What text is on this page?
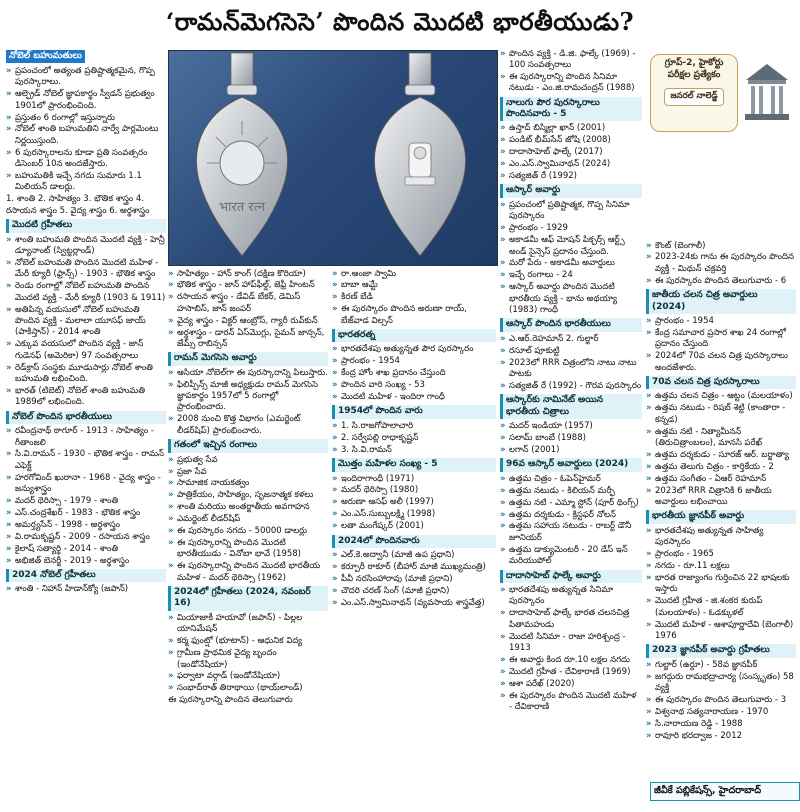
‘రామన్‌మెగసెసె’ పొందిన మొదటి భారతీయుడు?
నోబెల్ బహుమతులు
» ప్రపంచంలో అత్యంత ప్రతిష్టాత్మకమైన, గొప్ప పురస్కారాలు.
» ఆల్ఫ్రెడ్ నోబెల్ జ్ఞాపకార్థం స్వీడన్ ప్రభుత్వం 1901లో ప్రారంభించింది.
» ప్రస్తుతం 6 రంగాల్లో ఇస్తున్నారు
» నోబెల్ శాంతి బహుమతిని నార్వే పార్లమెంటు నిర్ణయిస్తుంది.
» 6 పురస్కారాలను కూడా ప్రతి సంవత్సరం డిసెంబర్ 10న అందజేస్తారు.
» బహుమతికి ఇచ్చే నగదు సుమారు 1.1 మిలియన్ డాలర్లు.
1. శాంతి 2. సాహిత్యం 3. భౌతిక శాస్త్రం 4. రసాయన శాస్త్రం 5. వైద్య శాస్త్రం 6. అర్థశాస్త్రం
మొదటి గ్రహీతలు
» శాంతి బహుమతి పొందిన మొదటి వ్యక్తి - హెన్రీ డ్యూనాంట్ (స్విట్జర్లాండ్)
» నోబెల్ బహుమతి పొందిన మొదటి మహిళ - మేరీ క్యూరీ (ఫ్రాన్స్‌) - 1903 - భౌతిక శాస్త్రం
» రెండు రంగాల్లో నోబెల్ బహుమతి పొందిన మొదటి వ్యక్తి - మేరీ క్యూరీ (1903 & 1911)
» అతిపిన్న వయసులో నోబెల్ బహుమతి పొందిన వ్యక్తి - మలాలా యూసఫ్ జాయ్ (పాకిస్తాన్) - 2014 శాంతి
» ఎక్కువ వయసులో పొందిన వ్యక్తి - జాన్ గుడెనఫ్ (అమెరికా) 97 సంవత్సరాలు
» రెడ్‌క్రాస్ సంస్థకు మూడుసార్లు నోబెల్ శాంతి బహుమతి లభించింది.
» భారత్ (టిబెట్) నోబెల్ శాంతి బహుమతి 1989లో లభించింది.
నోబెల్ పొందిన భారతీయులు
» రవీంద్రనాథ్ ఠాగూర్ - 1913 - సాహిత్యం - గీతాంజలి
» సి.వి.రామన్ - 1930 - భౌతిక శాస్త్రం - రామన్ ఎఫెక్ట్
» హరగోవింద్ ఖురానా - 1968 - వైద్య శాస్త్రం - జన్యుశాస్త్రం
» మదర్ థెరిస్సా - 1979 - శాంతి
» ఎస్.చంద్రశేఖర్ - 1983 - భౌతిక శాస్త్రం
» అమర్త్యసేన్ - 1998 - అర్థశాస్త్రం
» వి.రామకృష్ణన్ - 2009 - రసాయన శాస్త్రం
» కైలాష్ సత్యార్థి - 2014 - శాంతి
» అభిజిత్ బెనర్జీ - 2019 - అర్థశాస్త్రం
2024 నోబెల్ గ్రహీతలు
» శాంతి - నిహాన్ హిడాన్‌క్యో (జపాన్)
भारत रत्न
గ్రూప్‌-2, హైకోర్టు పరీక్షల ప్రత్యేకం
జనరల్ నాలెడ్జ్
» సాహిత్యం - హాన్ కాంగ్ (దక్షిణ కొరియా)
» భౌతిక శాస్త్రం - జాన్ హాప్‌ఫీల్డ్, జెఫ్రీ హింటన్
» రసాయన శాస్త్రం - డేవిడ్ బేకర్, డెమిస్ హసాబిస్, జాన్ జంపర్
» వైద్య శాస్త్రం - విక్టర్ ఆంబ్రోస్, గ్యారీ రువ్‌కున్
» అర్థశాస్త్రం - డారన్ ఏస్‌మొగ్లు, సైమన్ జాన్సన్, జేమ్స్ రాబిన్సన్
రామన్ మెగసెసె అవార్డు
» ఆసియా నోబెల్‌గా ఈ పురస్కారాన్ని పిలుస్తారు.
» ఫిలిప్పీన్స్ మాజీ అధ్యక్షుడు రామన్ మెగసెసె జ్ఞాపకార్థం 1957లో 5 రంగాల్లో ప్రారంభించారు.
» 2008 నుంచి కొత్త విభాగం (ఎమర్జెంట్ లీడర్‌షిప్) ప్రారంభించారు.
గతంలో ఇచ్చిన రంగాలు
» ప్రభుత్వ సేవ
» ప్రజా సేవ
» సామాజిక నాయకత్వం
» పాత్రికేయం, సాహిత్యం, సృజనాత్మక కళలు
» శాంతి మరియు అంతర్జాతీయ అవగాహన
» ఎమర్జెంట్ లీడర్‌షిప్
» ఈ పురస్కారం నగదు - 50000 డాలర్లు
» ఈ పురస్కారాన్ని పొందిన మొదటి భారతీయుడు - వినోబా భావే (1958)
» ఈ పురస్కారాన్ని పొందిన మొదటి భారతీయ మహిళ - మదర్ థెరిస్సా (1962)
2024లో గ్రహీతలు (2024, నవంబర్ 16)
» మియాజాకీ హయావో (జపాన్) - పిల్లల యానిమేషన్
» కర్మ ఫుంట్షో (భూటాన్) - ఆధునిక విద్య
» గ్రామీణ ప్రాథమిక వైద్య బృందం (ఇండోనేషియా)
» ఫర్వాటా వర్గాడ్ (ఇండోనేషియా)
» సంభాద్‌రాత్ తిరాథాయి (థాయ్‌లాండ్)
ఈ పురస్కారాన్ని పొందిన తెలుగువారు
» రా.ఆంజా స్వామి
» బాబా ఆమ్టే
» కిరణ్ బేడి
» ఈ పురస్కారం పొందిన అరుణా రాయ్, బేజ్‌వాడ విల్సన్
భారతరత్న
» భారతదేశపు అత్యున్నత పౌర పురస్కారం
» ప్రారంభం - 1954
» కేంద్ర హోం శాఖ ప్రదానం చేస్తుంది
» పొందిన వారి సంఖ్య - 53
» మొదటి మహిళ - ఇందిరా గాంధీ
1954లో పొందిన వారు
» 1. సి.రాజగోపాలాచారి
» 2. సర్వేపల్లి రాధాకృష్ణన్
» 3. సి.వి.రామన్
మొత్తం మహిళల సంఖ్య - 5
» ఇందిరాగాంధీ (1971)
» మదర్ థెరిస్సా (1980)
» అరుణా ఆసఫ్ అలీ (1997)
» ఎం.ఎస్.సుబ్బులక్ష్మి (1998)
» లతా మంగేష్కర్ (2001)
2024లో పొందినవారు
» ఎల్.కె.అద్వానీ (మాజీ ఉప ప్రధాని)
» కర్పూరీ ఠాకూర్ (బీహార్ మాజీ ముఖ్యమంత్రి)
» పీవీ నరసింహారావు (మాజీ ప్రధాని)
» చౌదరి చరణ్ సింగ్ (మాజీ ప్రధాని)
» ఎం.ఎస్.స్వామినాథన్ (వ్యవసాయ శాస్త్రవేత్త)
» పొందిన వ్యక్తి - డి.జి. ఫాల్కే (1969) - 100 సంవత్సరాలు
» ఈ పురస్కారాన్ని పొందిన సినిమా నటుడు - ఎం.జి.రామచంద్రన్ (1988)
నాలుగు పౌర పురస్కారాలు పొందినవారు - 5
» ఉస్తాద్ బిస్మిల్లా ఖాన్ (2001)
» పండిట్ భీమ్‌సేన్ జోషి (2008)
» దాదాసాహెబ్ ఫాల్కే (2017)
» ఎం.ఎస్.స్వామినాథన్ (2024)
» సత్యజిత్ రే (1992)
ఆస్కార్ అవార్డు
» ప్రపంచంలో ప్రతిష్టాత్మక, గొప్ప సినిమా పురస్కారం
» ప్రారంభం - 1929
» అకాడమీ ఆఫ్ మోషన్ పిక్చర్స్ ఆర్ట్స్ అండ్ సైన్సెస్ ప్రదానం చేస్తుంది.
» మరో పేరు - అకాడమీ అవార్డులు
» ఇచ్చే రంగాలు - 24
» ఆస్కార్ అవార్డు పొందిన మొదటి భారతీయ వ్యక్తి - భాను అథయ్యా (1983) గాంధీ
ఆస్కార్ పొందిన భారతీయులు
» ఎ.ఆర్.రెహమాన్ 2. గుల్జార్
» రసూల్ పూకుట్టి
» 2023లో RRR చిత్రంలోని నాటు నాటు పాటకు
» సత్యజిత్ రే (1992) - గౌరవ పురస్కారం
ఆస్కార్‌కు నామినేట్ అయిన భారతీయ చిత్రాలు
» మదర్ ఇండియా (1957)
» సలామ్ బాంబే (1988)
» లగాన్ (2001)
96వ ఆస్కార్ అవార్డులు (2024)
» ఉత్తమ చిత్రం - ఓపెన్‌హైమర్
» ఉత్తమ నటుడు - కిలియన్ మర్ఫీ
» ఉత్తమ నటి - ఎమ్మా స్టోన్ (పూర్ థింగ్స్)
» ఉత్తమ దర్శకుడు - క్రిస్టఫర్ నోలన్
» ఉత్తమ సహాయ నటుడు - రాబర్ట్ డౌనీ జూనియర్
» ఉత్తమ డాక్యుమెంటరీ - 20 డేస్ ఇన్ మరియుపోల్
దాదాసాహెబ్ ఫాల్కే అవార్డు
» భారతదేశపు అత్యున్నత సినిమా పురస్కారం
» దాదాసాహెబ్ ఫాల్కే భారత చలనచిత్ర పితామహుడు
» మొదటి సినిమా - రాజా హరిశ్చంద్ర - 1913
» ఈ అవార్డు కింద రూ.10 లక్షల నగదు
» మొదటి గ్రహీత - దేవికారాణి (1969)
» ఆశా పరేఖ్ (2020)
» ఈ పురస్కారం పొందిన మొదటి మహిళ - దేవికారాణి
» కౌంట్ (బెంగాలీ)
» 2023-24కు గాను ఈ పురస్కారం పొందిన వ్యక్తి - మిథున్ చక్రవర్తి
» ఈ పురస్కారం పొందిన తెలుగువారు - 6
జాతీయ చలన చిత్ర అవార్డులు (2024)
» ప్రారంభం - 1954
» కేంద్ర సమాచార ప్రసార శాఖ 24 రంగాల్లో ప్రదానం చేస్తుంది
» 2024లో 70వ చలన చిత్ర పురస్కారాలు అందజేశారు.
70వ చలన చిత్ర పురస్కారాలు
» ఉత్తమ చలన చిత్రం - ఆట్టం (మలయాళం)
» ఉత్తమ నటుడు - రిషబ్ శెట్టి (కాంతారా - కన్నడ)
» ఉత్తమ నటి - నిత్యామీనన్ (తిరుచిత్రాంబలం), మానసి పరేఖ్
» ఉత్తమ దర్శకుడు - సూరజ్ ఆర్. బర్జాత్యా
» ఉత్తమ తెలుగు చిత్రం - కార్తికేయ - 2
» ఉత్తమ సంగీతం - ఏఆర్ రెహమాన్
» 2023లో RRR చిత్రానికి 6 జాతీయ అవార్డులు లభించాయి
భారతీయ జ్ఞానపీఠ్ అవార్డు
» భారతదేశపు అత్యున్నత సాహిత్య పురస్కారం
» ప్రారంభం - 1965
» నగదు - రూ.11 లక్షలు
» భారత రాజ్యాంగం గుర్తించిన 22 భాషలకు ఇస్తారు
» మొదటి గ్రహీత - జి.శంకర కురుప్ (మలయాళం) - ఓడక్కుళల్
» మొదటి మహిళ - ఆశాపూర్ణాదేవి (బెంగాలీ) 1976
2023 జ్ఞానపీఠ్ అవార్డు గ్రహీతలు
» గుల్జార్ (ఉర్దూ) - 58వ జ్ఞానపీఠ్
» జగద్గురు రామభద్రాచార్య (సంస్కృతం) 58 వ్యక్తి
» ఈ పురస్కారం పొందిన తెలుగువారు - 3
» విశ్వనాథ సత్యనారాయణ - 1970
» సి.నారాయణ రెడ్డి - 1988
» రావూరి భరద్వాజ - 2012
జీవీకే పబ్లికేషన్స్, హైదరాబాద్
